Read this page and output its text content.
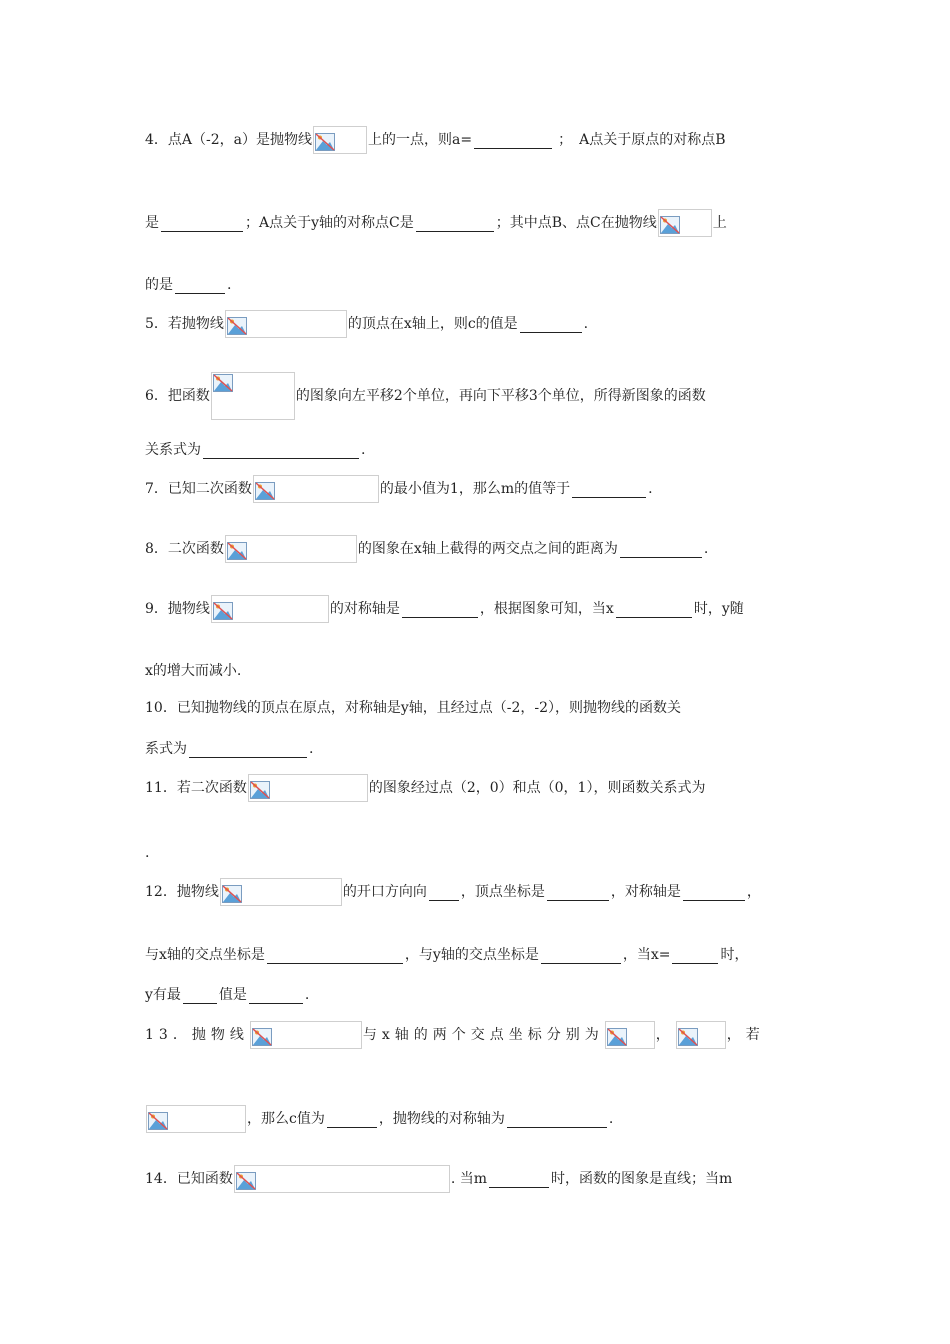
4．点A（-2，a）是抛物线	上的一点，则a=	；　A点关于原点的对称点B
是	；A点关于y轴的对称点C是	；其中点B、点C在抛物线	上
的是	.
5．若抛物线	的顶点在x轴上，则c的值是	.
6．把函数	的图象向左平移2个单位，再向下平移3个单位，所得新图象的函数
关系式为	.
7．已知二次函数	的最小值为1，那么m的值等于	.
8．二次函数	的图象在x轴上截得的两交点之间的距离为	.
9．抛物线	的对称轴是	，根据图象可知，当x	时，y随
x的增大而减小.
10．已知抛物线的顶点在原点，对称轴是y轴，且经过点（-2，-2），则抛物线的函数关
系式为	.
11．若二次函数	的图象经过点（2，0）和点（0，1），则函数关系式为
.
12．抛物线	的开口方向向 ，顶点坐标是	，对称轴是	，
与x轴的交点坐标是	，与y轴的交点坐标是	，当x=	时，
y有最	值是	.
13．抛物线	与x轴的两个交点坐标分别为	，	，若
，那么c值为	，抛物线的对称轴为	.
14．已知函数	. 当m	时，函数的图象是直线；当m
